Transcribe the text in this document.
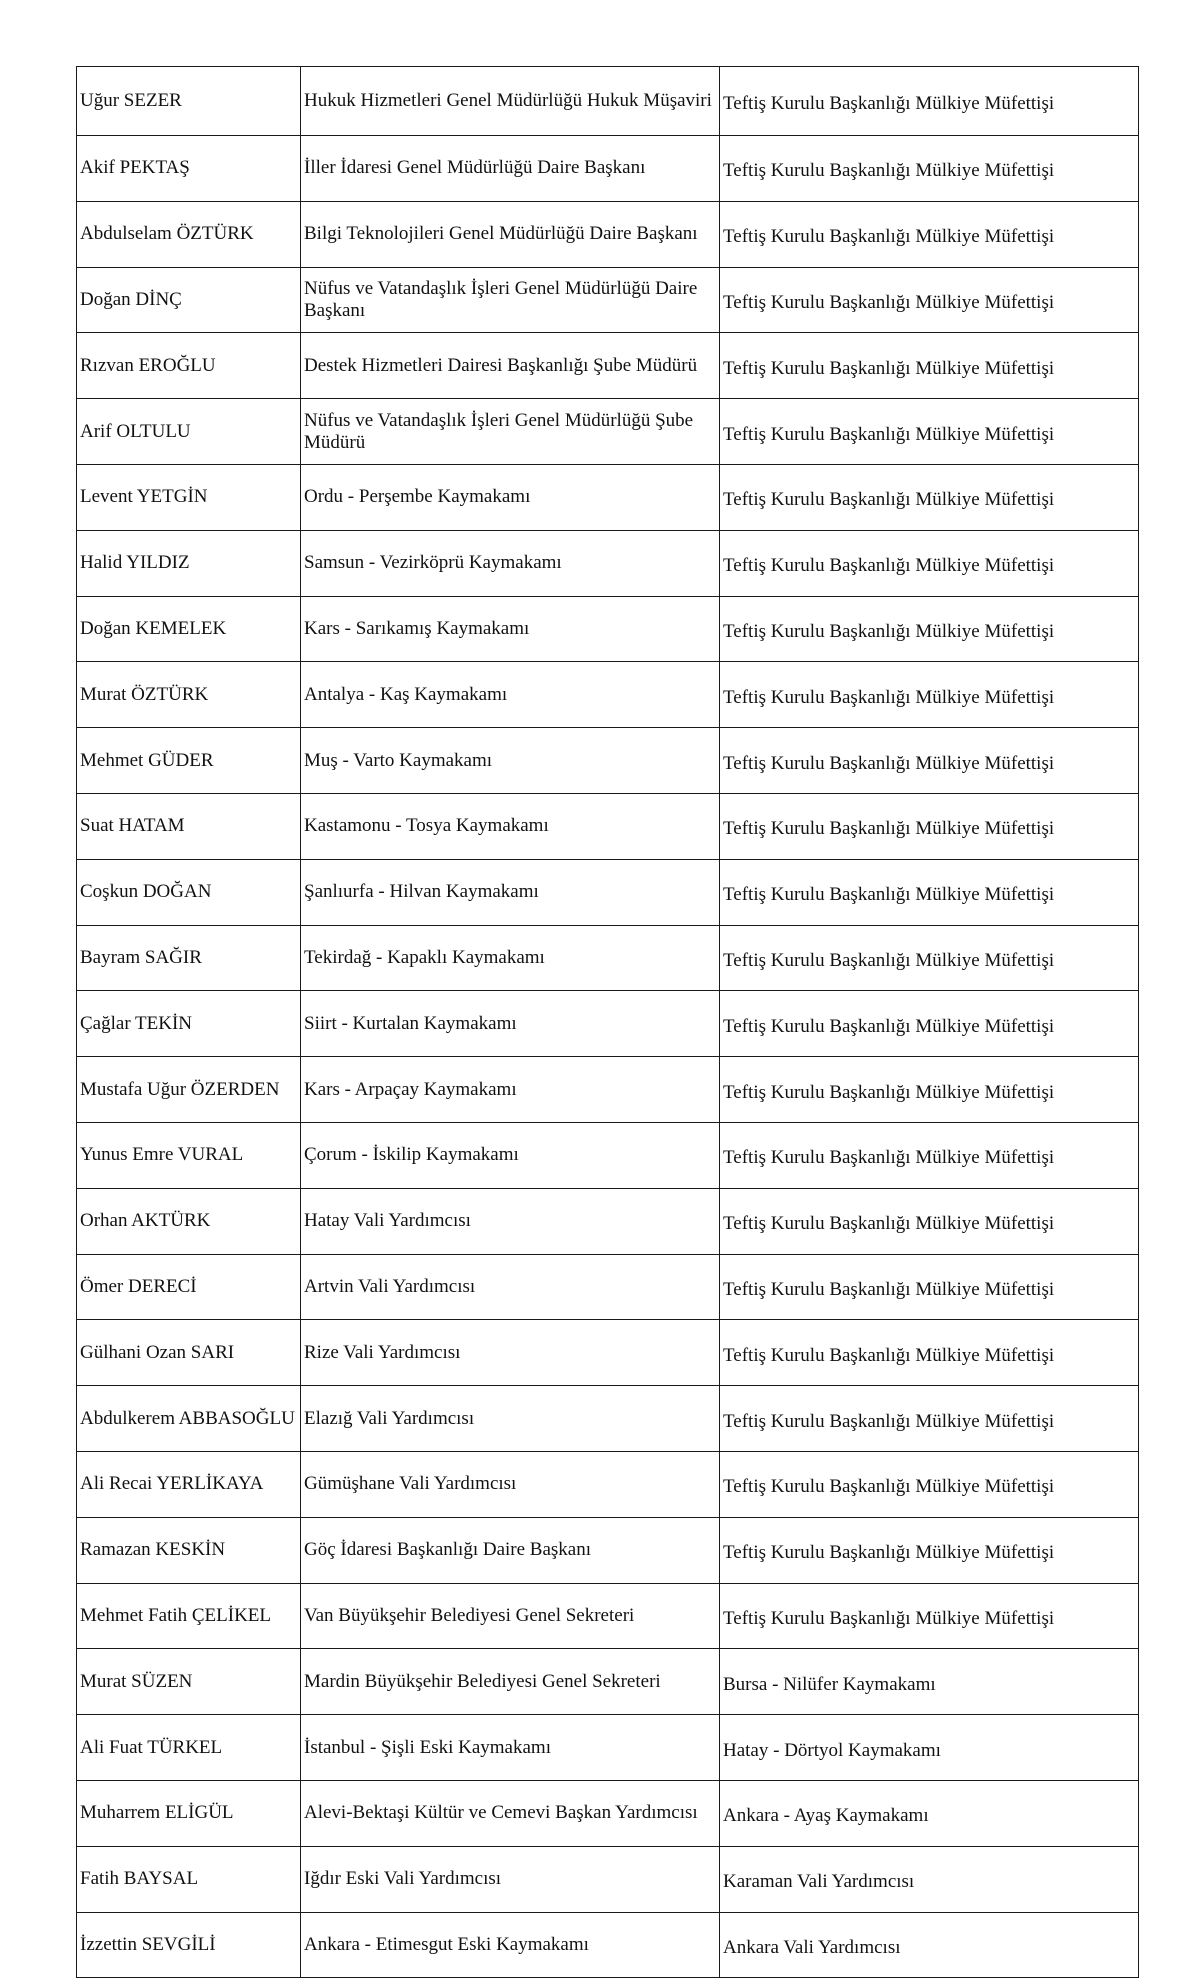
Uğur SEZER	Hukuk Hizmetleri Genel Müdürlüğü Hukuk Müşaviri	Teftiş Kurulu Başkanlığı Mülkiye Müfettişi
Akif PEKTAŞ	İller İdaresi Genel Müdürlüğü Daire Başkanı	Teftiş Kurulu Başkanlığı Mülkiye Müfettişi
Abdulselam ÖZTÜRK	Bilgi Teknolojileri Genel Müdürlüğü Daire Başkanı	Teftiş Kurulu Başkanlığı Mülkiye Müfettişi
Doğan DİNÇ	Nüfus ve Vatandaşlık İşleri Genel Müdürlüğü Daire Başkanı	Teftiş Kurulu Başkanlığı Mülkiye Müfettişi
Rızvan EROĞLU	Destek Hizmetleri Dairesi Başkanlığı Şube Müdürü	Teftiş Kurulu Başkanlığı Mülkiye Müfettişi
Arif OLTULU	Nüfus ve Vatandaşlık İşleri Genel Müdürlüğü Şube Müdürü	Teftiş Kurulu Başkanlığı Mülkiye Müfettişi
Levent YETGİN	Ordu - Perşembe Kaymakamı	Teftiş Kurulu Başkanlığı Mülkiye Müfettişi
Halid YILDIZ	Samsun - Vezirköprü Kaymakamı	Teftiş Kurulu Başkanlığı Mülkiye Müfettişi
Doğan KEMELEK	Kars - Sarıkamış Kaymakamı	Teftiş Kurulu Başkanlığı Mülkiye Müfettişi
Murat ÖZTÜRK	Antalya - Kaş Kaymakamı	Teftiş Kurulu Başkanlığı Mülkiye Müfettişi
Mehmet GÜDER	Muş - Varto Kaymakamı	Teftiş Kurulu Başkanlığı Mülkiye Müfettişi
Suat HATAM	Kastamonu - Tosya Kaymakamı	Teftiş Kurulu Başkanlığı Mülkiye Müfettişi
Coşkun DOĞAN	Şanlıurfa - Hilvan Kaymakamı	Teftiş Kurulu Başkanlığı Mülkiye Müfettişi
Bayram SAĞIR	Tekirdağ - Kapaklı Kaymakamı	Teftiş Kurulu Başkanlığı Mülkiye Müfettişi
Çağlar TEKİN	Siirt - Kurtalan Kaymakamı	Teftiş Kurulu Başkanlığı Mülkiye Müfettişi
Mustafa Uğur ÖZERDEN	Kars - Arpaçay Kaymakamı	Teftiş Kurulu Başkanlığı Mülkiye Müfettişi
Yunus Emre VURAL	Çorum - İskilip Kaymakamı	Teftiş Kurulu Başkanlığı Mülkiye Müfettişi
Orhan AKTÜRK	Hatay Vali Yardımcısı	Teftiş Kurulu Başkanlığı Mülkiye Müfettişi
Ömer DERECİ	Artvin Vali Yardımcısı	Teftiş Kurulu Başkanlığı Mülkiye Müfettişi
Gülhani Ozan SARI	Rize Vali Yardımcısı	Teftiş Kurulu Başkanlığı Mülkiye Müfettişi
Abdulkerem ABBASOĞLU	Elazığ Vali Yardımcısı	Teftiş Kurulu Başkanlığı Mülkiye Müfettişi
Ali Recai YERLİKAYA	Gümüşhane Vali Yardımcısı	Teftiş Kurulu Başkanlığı Mülkiye Müfettişi
Ramazan KESKİN	Göç İdaresi Başkanlığı Daire Başkanı	Teftiş Kurulu Başkanlığı Mülkiye Müfettişi
Mehmet Fatih ÇELİKEL	Van Büyükşehir Belediyesi Genel Sekreteri	Teftiş Kurulu Başkanlığı Mülkiye Müfettişi
Murat SÜZEN	Mardin Büyükşehir Belediyesi Genel Sekreteri	Bursa - Nilüfer Kaymakamı
Ali Fuat TÜRKEL	İstanbul - Şişli Eski Kaymakamı	Hatay - Dörtyol Kaymakamı
Muharrem ELİGÜL	Alevi-Bektaşi Kültür ve Cemevi Başkan Yardımcısı	Ankara - Ayaş Kaymakamı
Fatih BAYSAL	Iğdır Eski Vali Yardımcısı	Karaman Vali Yardımcısı
İzzettin SEVGİLİ	Ankara - Etimesgut Eski Kaymakamı	Ankara Vali Yardımcısı
